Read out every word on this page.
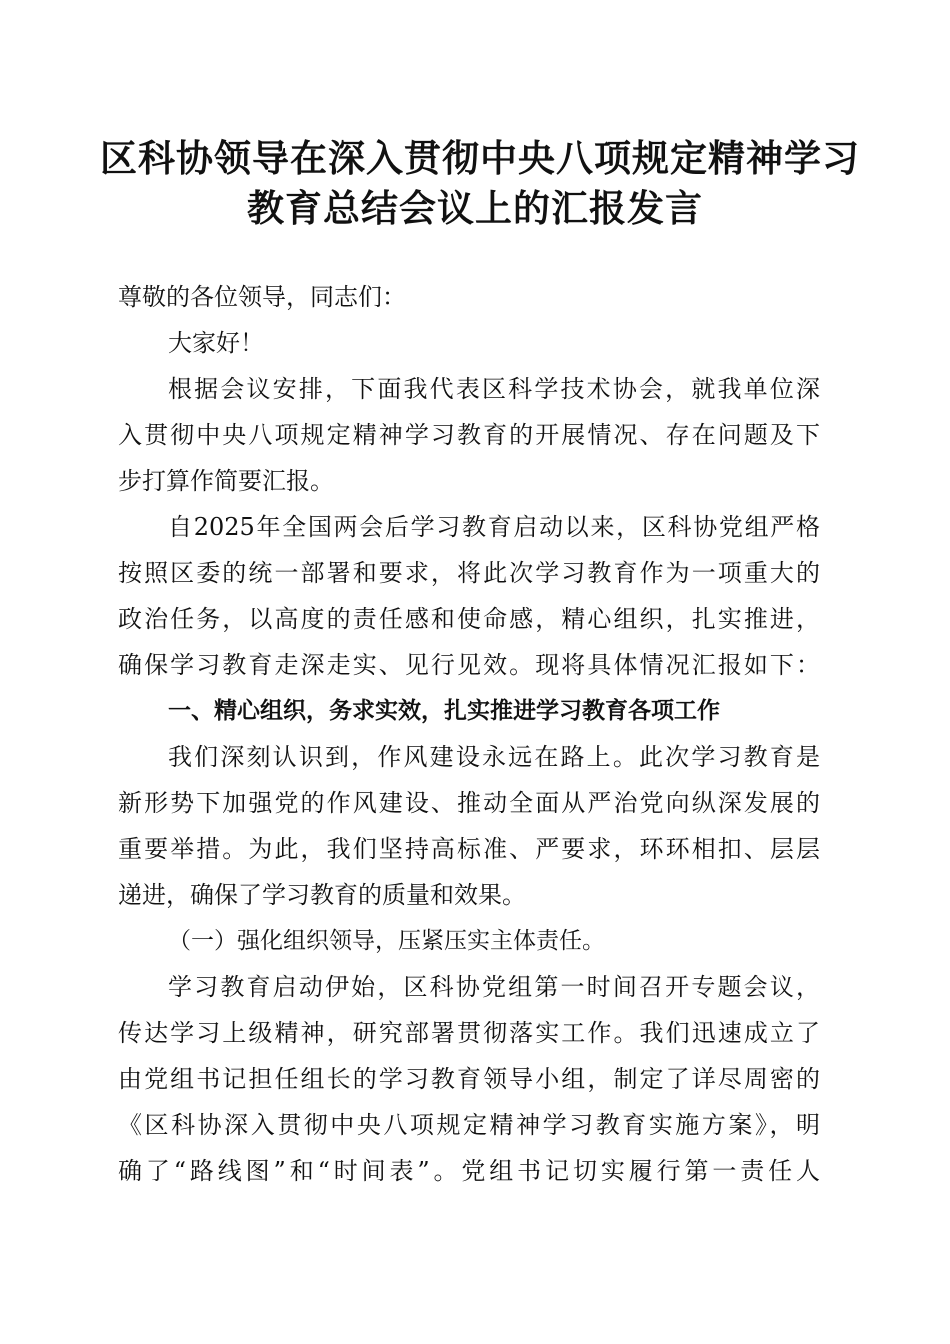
区科协领导在深入贯彻中央八项规定精神学习
教育总结会议上的汇报发言

尊敬的各位领导，同志们：

大家好！

根据会议安排，下面我代表区科学技术协会，就我单位深

入贯彻中央八项规定精神学习教育的开展情况、存在问题及下

步打算作简要汇报。

自2025年全国两会后学习教育启动以来，区科协党组严格

按照区委的统一部署和要求，将此次学习教育作为一项重大的

政治任务，以高度的责任感和使命感，精心组织，扎实推进，

确保学习教育走深走实、见行见效。现将具体情况汇报如下：

一、精心组织，务求实效，扎实推进学习教育各项工作

我们深刻认识到，作风建设永远在路上。此次学习教育是

新形势下加强党的作风建设、推动全面从严治党向纵深发展的

重要举措。为此，我们坚持高标准、严要求，环环相扣、层层

递进，确保了学习教育的质量和效果。

（一）强化组织领导，压紧压实主体责任。

学习教育启动伊始，区科协党组第一时间召开专题会议，

传达学习上级精神，研究部署贯彻落实工作。我们迅速成立了

由党组书记担任组长的学习教育领导小组，制定了详尽周密的

《区科协深入贯彻中央八项规定精神学习教育实施方案》，明

确了“路线图”和“时间表”。党组书记切实履行第一责任人
